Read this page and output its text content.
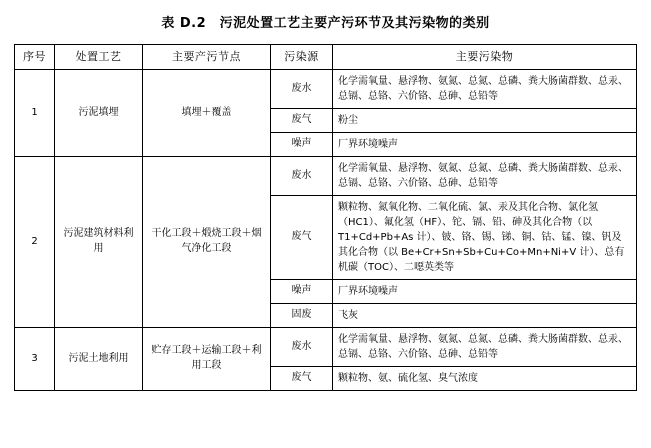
表 D.2　污泥处置工艺主要产污环节及其污染物的类别
序号	处置工艺	主要产污节点	污染源	主要污染物
1	污泥填埋	填埋＋覆盖	废水	化学需氧量、悬浮物、氨氮、总氮、总磷、粪大肠菌群数、总汞、总镉、总铬、六价铬、总砷、总铅等
			废气	粉尘
			噪声	厂界环境噪声
2	污泥建筑材料利用	干化工段＋煅烧工段＋烟气净化工段	废水	化学需氧量、悬浮物、氨氮、总氮、总磷、粪大肠菌群数、总汞、总镉、总铬、六价铬、总砷、总铅等
			废气	颗粒物、氮氧化物、二氧化硫、氯、汞及其化合物、氯化氢（HC1）、氟化氢（HF）、铊、镉、铅、砷及其化合物（以 T1+Cd+Pb+As 计）、铍、铬、锡、锑、铜、钴、锰、镍、钒及其化合物（以 Be+Cr+Sn+Sb+Cu+Co+Mn+Ni+V 计）、总有机碳（TOC）、二噁英类等
			噪声	厂界环境噪声
			固废	飞灰
3	污泥土地利用	贮存工段＋运输工段＋利用工段	废水	化学需氧量、悬浮物、氨氮、总氮、总磷、粪大肠菌群数、总汞、总镉、总铬、六价铬、总砷、总铅等
			废气	颗粒物、氨、硫化氢、臭气浓度
